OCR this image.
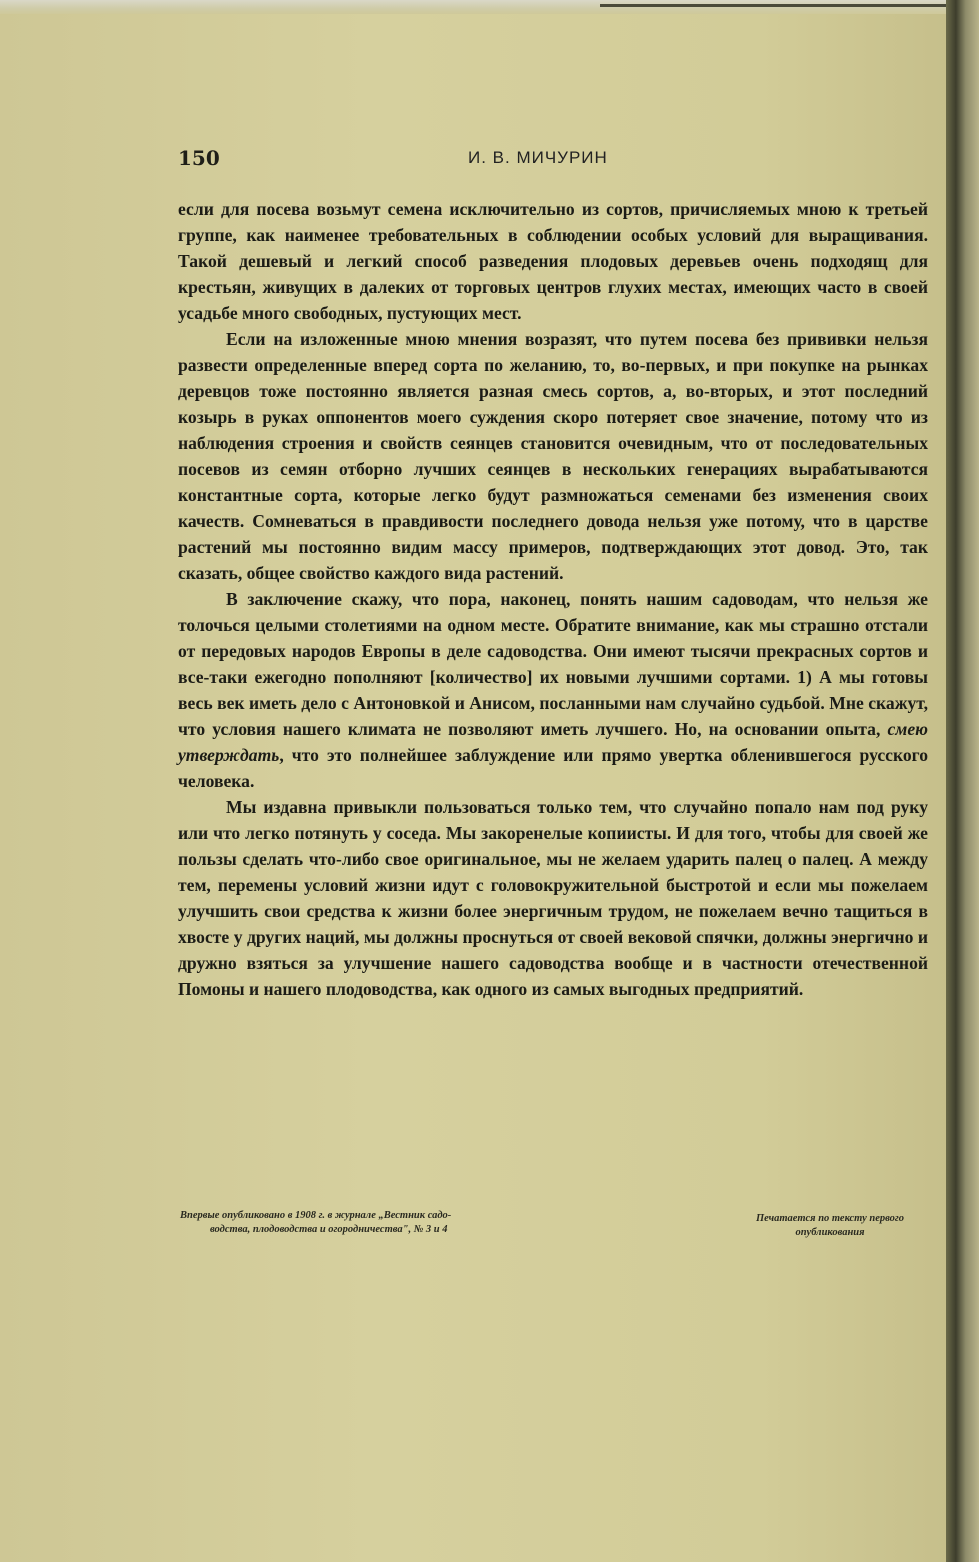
150	И. В. МИЧУРИН

если для посева возьмут семена исключительно из сортов, причисляемых мною к третьей группе, как наименее требовательных в соблюдении особых условий для выращивания. Такой дешевый и легкий способ разведения плодовых деревьев очень подходящ для крестьян, живущих в далеких от торговых центров глухих местах, имеющих часто в своей усадьбе много свободных, пустующих мест.

Если на изложенные мною мнения возразят, что путем посева без прививки нельзя развести определенные вперед сорта по желанию, то, во-первых, и при покупке на рынках деревцов тоже постоянно является разная смесь сортов, а, во-вторых, и этот последний козырь в руках оппонентов моего суждения скоро потеряет свое значение, потому что из наблюдения строения и свойств сеянцев становится очевидным, что от последовательных посевов из семян отборно лучших сеянцев в нескольких генерациях вырабатываются константные сорта, которые легко будут размножаться семенами без изменения своих качеств. Сомневаться в правдивости последнего довода нельзя уже потому, что в царстве растений мы постоянно видим массу примеров, подтверждающих этот довод. Это, так сказать, общее свойство каждого вида растений.

В заключение скажу, что пора, наконец, понять нашим садоводам, что нельзя же толочься целыми столетиями на одном месте. Обратите внимание, как мы страшно отстали от передовых народов Европы в деле садоводства. Они имеют тысячи прекрасных сортов и все-таки ежегодно пополняют [количество] их новыми лучшими сортами. 1) А мы готовы весь век иметь дело с Антоновкой и Анисом, посланными нам случайно судьбой. Мне скажут, что условия нашего климата не позволяют иметь лучшего. Но, на основании опыта, смею утверждать, что это полнейшее заблуждение или прямо увертка обленившегося русского человека.

Мы издавна привыкли пользоваться только тем, что случайно попало нам под руку или что легко потянуть у соседа. Мы закоренелые копиисты. И для того, чтобы для своей же пользы сделать что-либо свое оригинальное, мы не желаем ударить палец о палец. А между тем, перемены условий жизни идут с головокружительной быстротой и если мы пожелаем улучшить свои средства к жизни более энергичным трудом, не пожелаем вечно тащиться в хвосте у других наций, мы должны проснуться от своей вековой спячки, должны энергично и дружно взяться за улучшение нашего садоводства вообще и в частности отечественной Помоны и нашего плодоводства, как одного из самых выгодных предприятий.

Впервые опубликовано в 1908 г. в журнале „Вестник садо-
водства, плодоводства и огородничества", № 3 и 4
Печатается по тексту первого
опубликования
